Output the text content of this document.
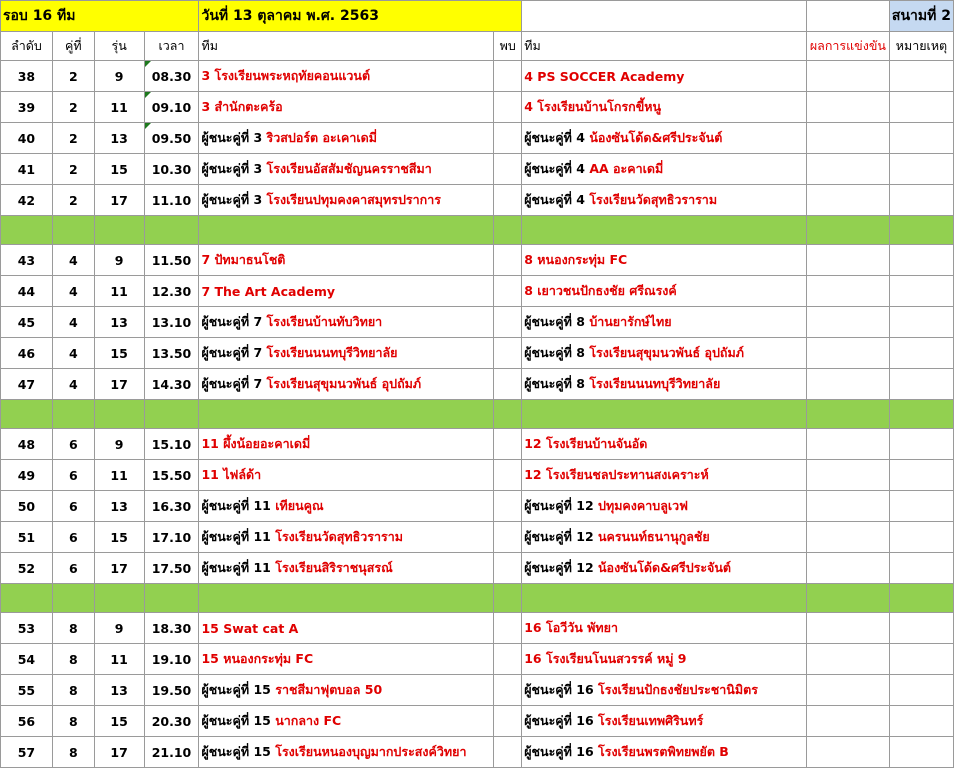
รอบ 16 ทีม				วันที่ 13 ตุลาคม พ.ศ. 2563				สนามที่ 2
ลำดับ	คู่ที่	รุ่น	เวลา	ทีม	พบ	ทีม	ผลการแข่งขัน	หมายเหตุ
38	2	9	08.30	3 โรงเรียนพระหฤทัยคอนแวนต์		4 PS SOCCER Academy		
39	2	11	09.10	3 สำนักตะคร้อ		4 โรงเรียนบ้านโกรกขี้หนู		
40	2	13	09.50	ผู้ชนะคู่ที่ 3 ริวสปอร์ต อะเคาเดมี่		ผู้ชนะคู่ที่ 4 น้องซันโด้ด&ศรีประจันต์		
41	2	15	10.30	ผู้ชนะคู่ที่ 3 โรงเรียนอัสสัมชัญนครราชสีมา		ผู้ชนะคู่ที่ 4 AA อะคาเดมี่		
42	2	17	11.10	ผู้ชนะคู่ที่ 3 โรงเรียนปทุมคงคาสมุทรปราการ		ผู้ชนะคู่ที่ 4 โรงเรียนวัดสุทธิวราราม		

43	4	9	11.50	7 ปัทมาธนโชติ		8 หนองกระทุ่ม FC		
44	4	11	12.30	7 The Art Academy		8 เยาวชนปักธงชัย ศรีณรงค์		
45	4	13	13.10	ผู้ชนะคู่ที่ 7 โรงเรียนบ้านทับวิทยา		ผู้ชนะคู่ที่ 8 บ้านยารักษ์ไทย		
46	4	15	13.50	ผู้ชนะคู่ที่ 7 โรงเรียนนนทบุรีวิทยาลัย		ผู้ชนะคู่ที่ 8 โรงเรียนสุขุมนวพันธ์ อุปถัมภ์		
47	4	17	14.30	ผู้ชนะคู่ที่ 7 โรงเรียนสุขุมนวพันธ์ อุปถัมภ์		ผู้ชนะคู่ที่ 8 โรงเรียนนนทบุรีวิทยาลัย		

48	6	9	15.10	11 ผึ้งน้อยอะคาเดมี่		12 โรงเรียนบ้านจันอัด		
49	6	11	15.50	11 ไฟล์ด้า		12 โรงเรียนชลประทานสงเคราะห์		
50	6	13	16.30	ผู้ชนะคู่ที่ 11 เทียนคูณ		ผู้ชนะคู่ที่ 12 ปทุมคงคาบลูเวฟ		
51	6	15	17.10	ผู้ชนะคู่ที่ 11 โรงเรียนวัดสุทธิวราราม		ผู้ชนะคู่ที่ 12 นครนนท์ธนานุกูลชัย		
52	6	17	17.50	ผู้ชนะคู่ที่ 11 โรงเรียนสิริราชนุสรณ์		ผู้ชนะคู่ที่ 12 น้องซันโด้ด&ศรีประจันต์		

53	8	9	18.30	15 Swat cat A		16 โอวีวัน พัทยา		
54	8	11	19.10	15 หนองกระทุ่ม FC		16 โรงเรียนโนนสวรรค์ หมู่ 9		
55	8	13	19.50	ผู้ชนะคู่ที่ 15 ราชสีมาฟุตบอล 50		ผู้ชนะคู่ที่ 16 โรงเรียนปักธงชัยประชานิมิตร		
56	8	15	20.30	ผู้ชนะคู่ที่ 15 นากลาง FC		ผู้ชนะคู่ที่ 16 โรงเรียนเทพศิรินทร์		
57	8	17	21.10	ผู้ชนะคู่ที่ 15 โรงเรียนหนองบุญมากประสงค์วิทยา		ผู้ชนะคู่ที่ 16 โรงเรียนพรตพิทยพยัต B		
